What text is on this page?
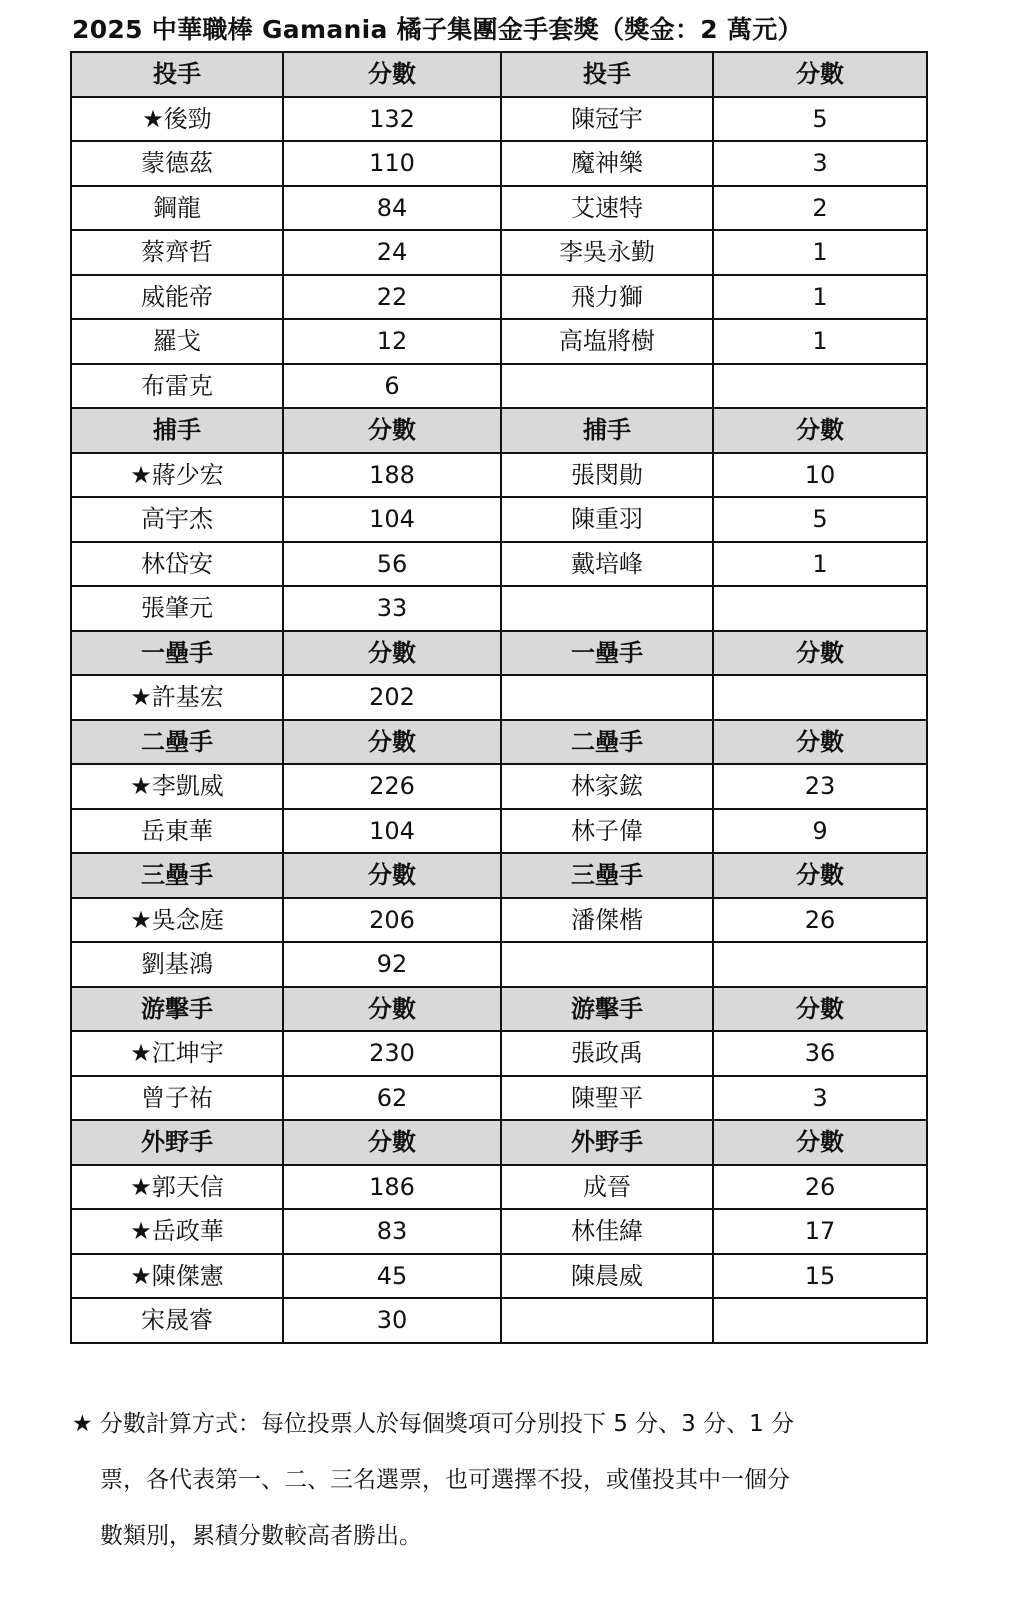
2025 中華職棒 Gamania 橘子集團金手套獎（獎金：2 萬元）
投手	分數	投手	分數
★後勁	132	陳冠宇	5
蒙德茲	110	魔神樂	3
鋼龍	84	艾速特	2
蔡齊哲	24	李吳永勤	1
威能帝	22	飛力獅	1
羅戈	12	高塩將樹	1
布雷克	6		
捕手	分數	捕手	分數
★蔣少宏	188	張閔勛	10
高宇杰	104	陳重羽	5
林岱安	56	戴培峰	1
張肇元	33		
一壘手	分數	一壘手	分數
★許基宏	202		
二壘手	分數	二壘手	分數
★李凱威	226	林家鋐	23
岳東華	104	林子偉	9
三壘手	分數	三壘手	分數
★吳念庭	206	潘傑楷	26
劉基鴻	92		
游擊手	分數	游擊手	分數
★江坤宇	230	張政禹	36
曾子祐	62	陳聖平	3
外野手	分數	外野手	分數
★郭天信	186	成晉	26
★岳政華	83	林佳緯	17
★陳傑憲	45	陳晨威	15
宋晟睿	30		
★ 分數計算方式：每位投票人於每個獎項可分別投下 5 分、3 分、1 分
票，各代表第一、二、三名選票，也可選擇不投，或僅投其中一個分
數類別，累積分數較高者勝出。
